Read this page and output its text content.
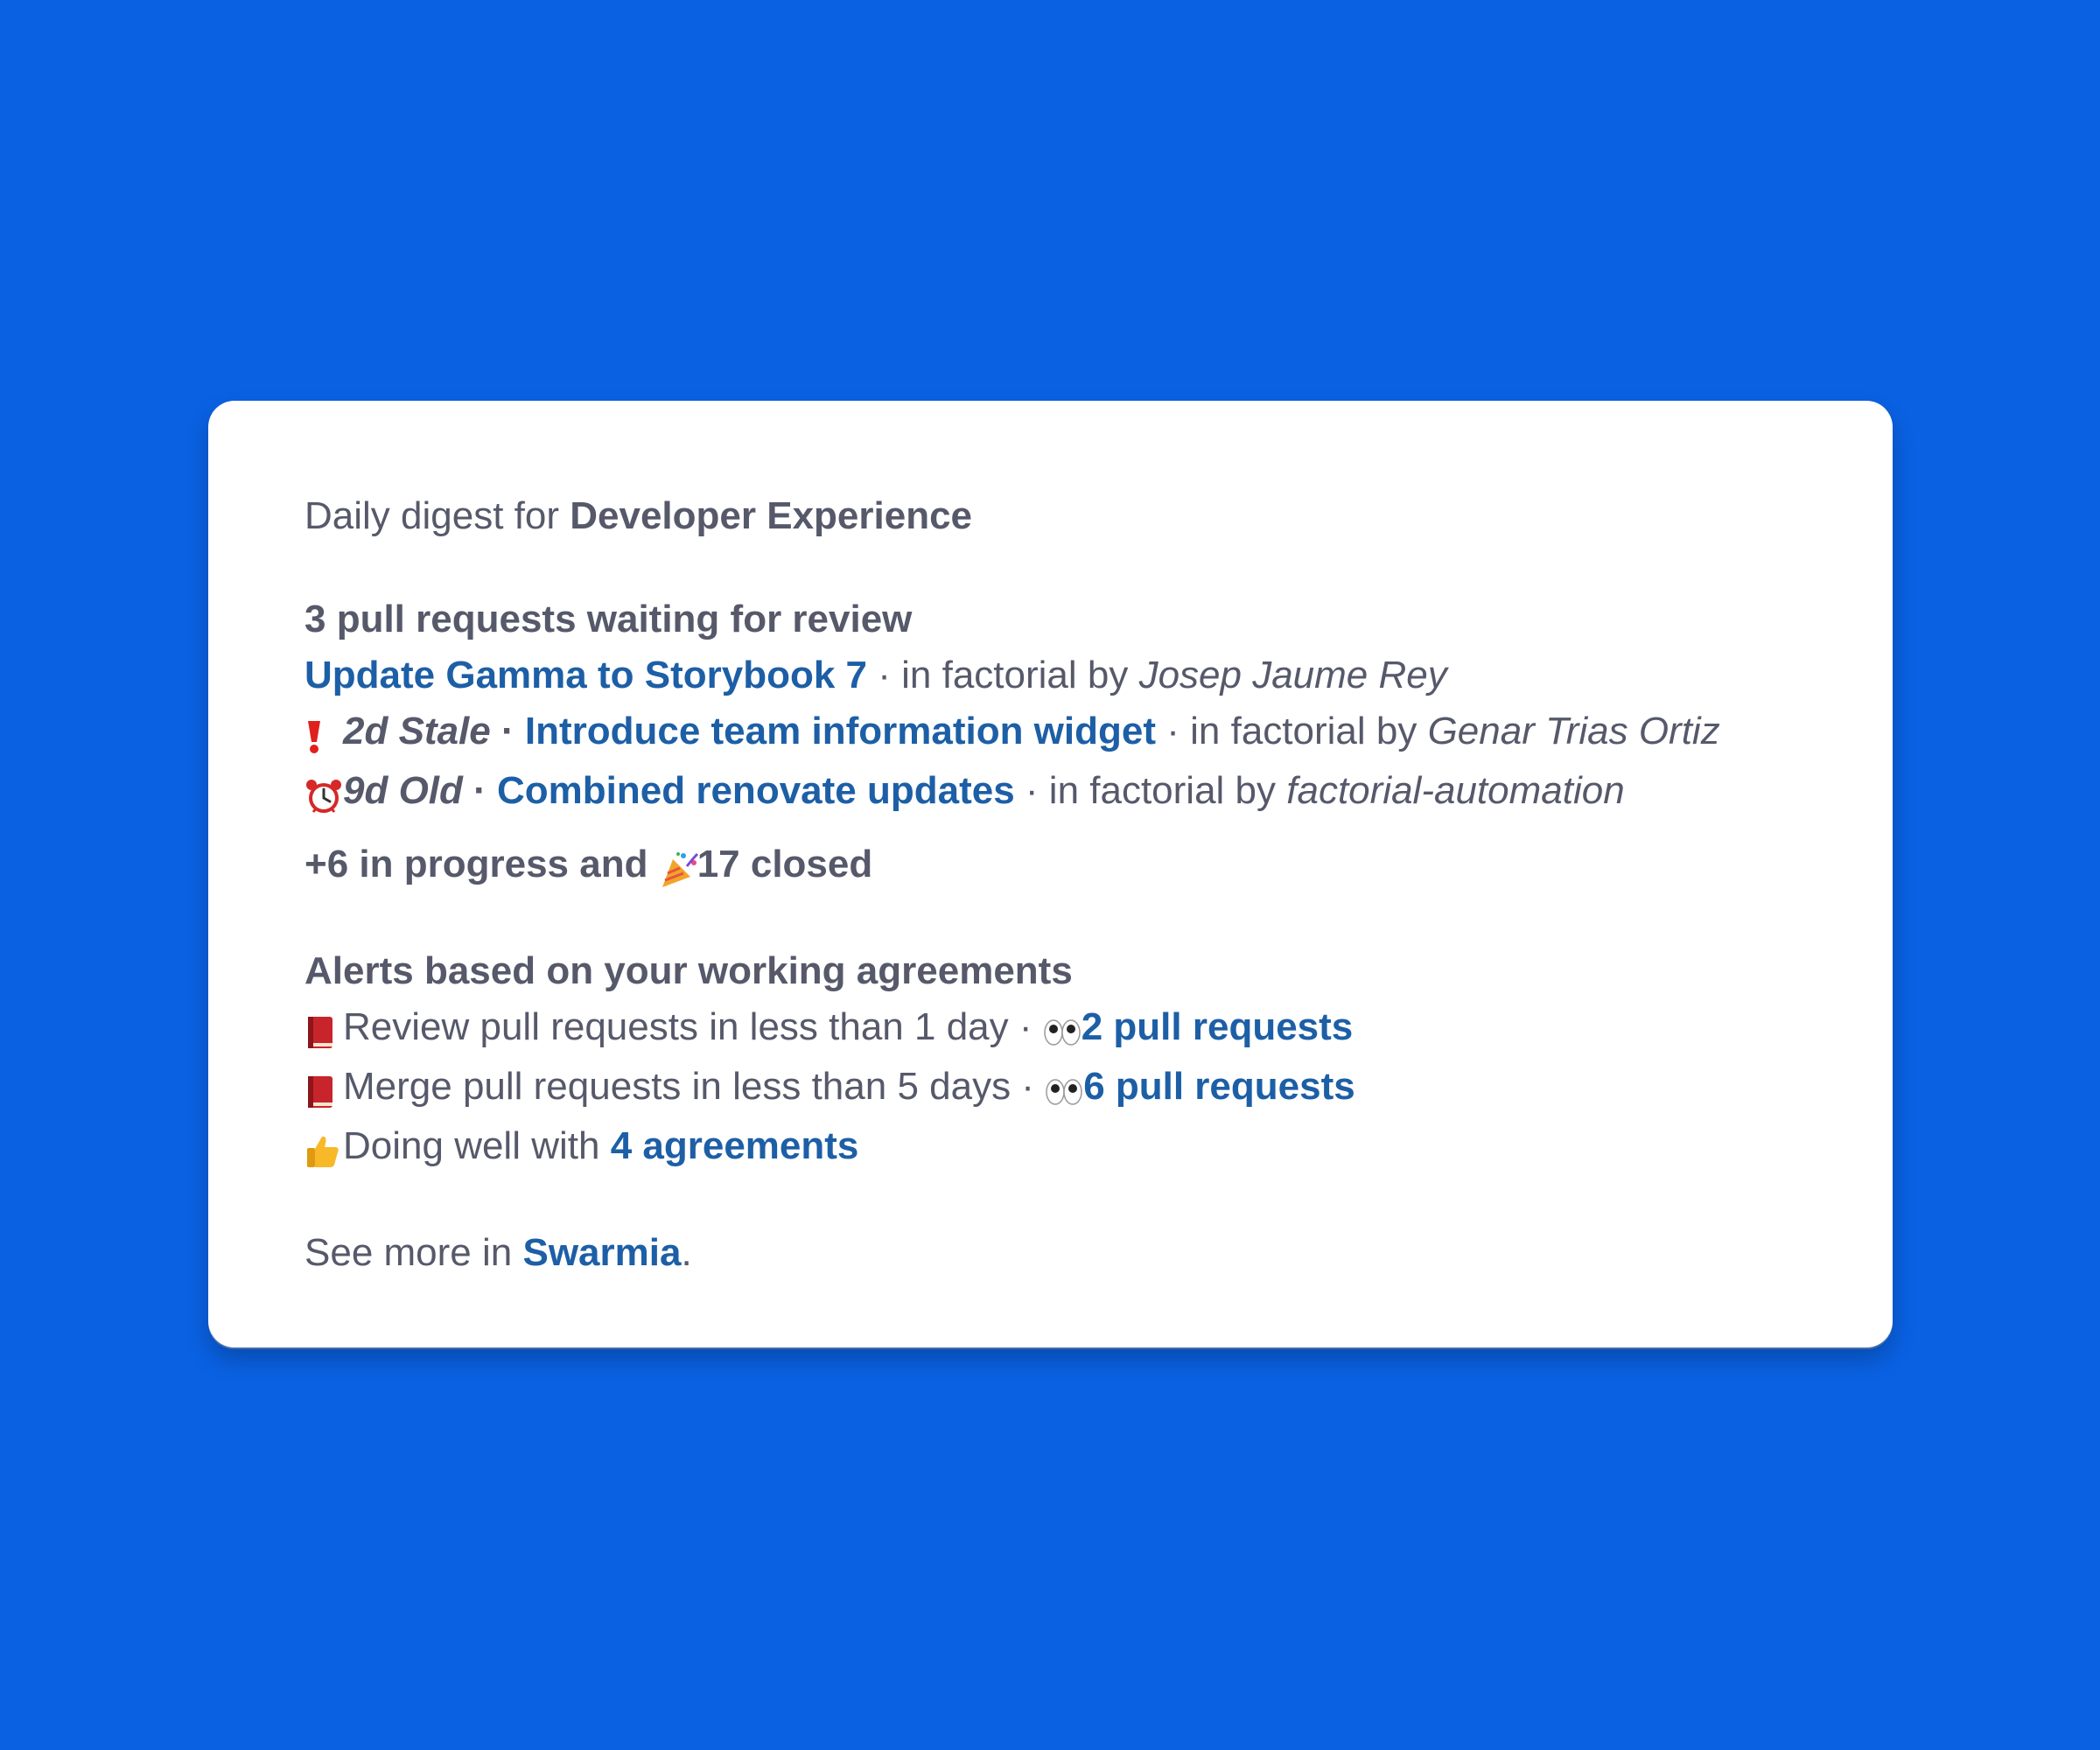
Daily digest for Developer Experience
3 pull requests waiting for review
Update Gamma to Storybook 7 · in factorial by Josep Jaume Rey
2d Stale · Introduce team information widget · in factorial by Genar Trias Ortiz
9d Old · Combined renovate updates · in factorial by factorial-automation
+6 in progress and 17 closed
Alerts based on your working agreements
Review pull requests in less than 1 day · 2 pull requests
Merge pull requests in less than 5 days · 6 pull requests
Doing well with 4 agreements
See more in Swarmia.
